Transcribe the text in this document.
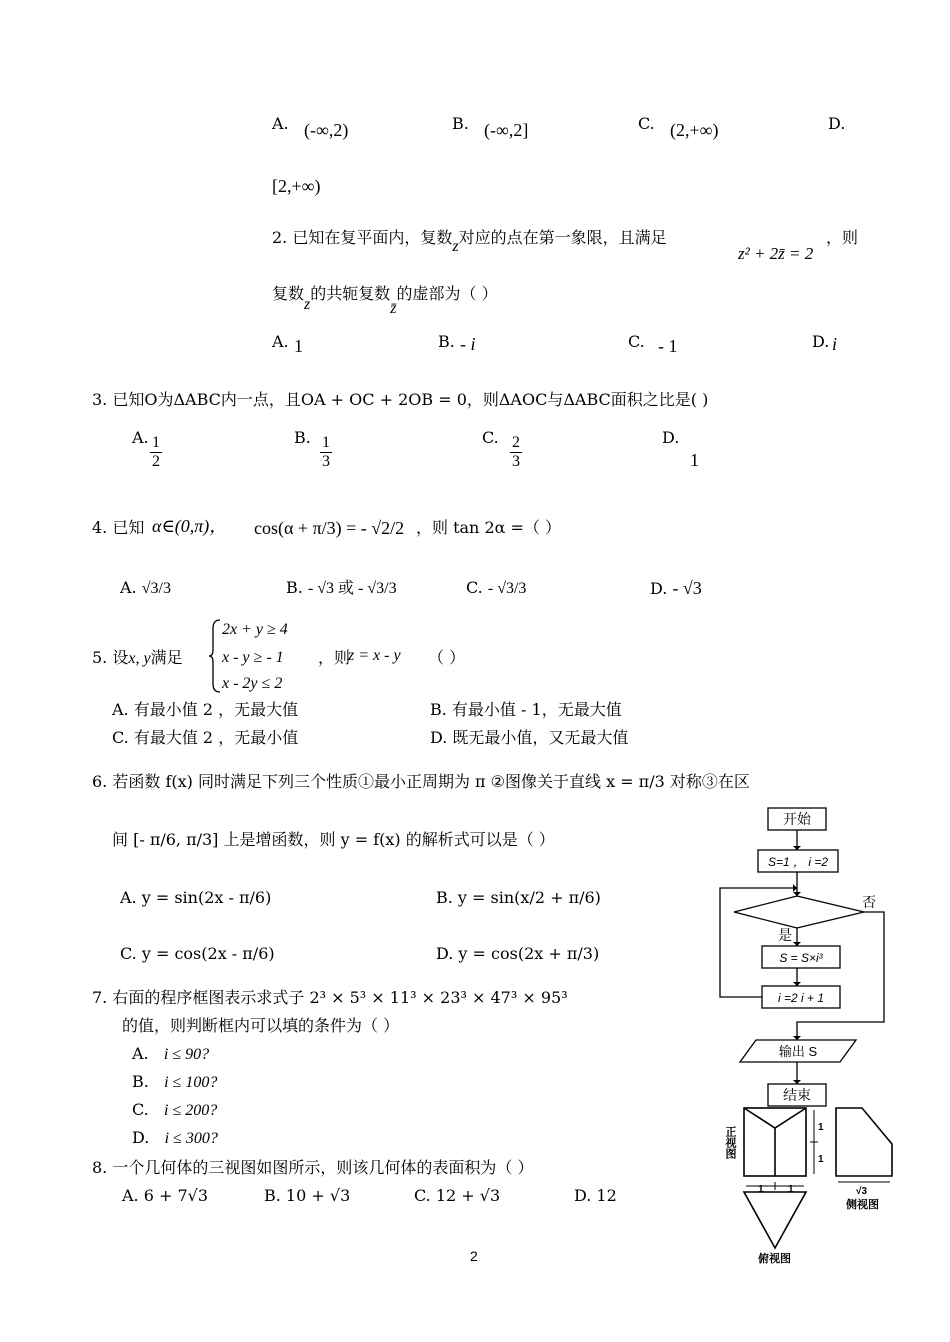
A. (-∞,2)	B. (-∞,2]	C. (2,+∞)	D.
[2,+∞)
2. 已知在复平面内，复数z对应的点在第一象限，且满足
z² + 2z̄ = 2
，则
复数z的共轭复数z̄的虚部为（ ）
A. 1	B. - i	C. - 1	D. i
3. 已知O为ΔABC内一点，且OA + OC + 2OB = 0，则ΔAOC与ΔABC面积之比是( )
A. $\frac{1}{2}$	B. $\frac{1}{3}$	C. $\frac{2}{3}$	D.
1
4. 已知 α∈(0,π)， cos(α + π/3) = - √2/2 ，则 tan 2α =（ ）
A. √3/3	B. - √3 或 - √3/3	C. - √3/3	D. - √3
5. 设x, y满足
2x + y ≥ 4
x - y ≥ - 1
x - 2y ≤ 2
，则
z = x - y （ ）
A. 有最小值 2 ，无最大值	B. 有最小值 - 1，无最大值
C. 有最大值 2 ，无最小值	D. 既无最小值，又无最大值
6. 若函数 f(x) 同时满足下列三个性质①最小正周期为 π ②图像关于直线 x = π/3 对称③在区
间 [- π/6, π/3] 上是增函数，则 y = f(x) 的解析式可以是（ ）
A. y = sin(2x - π/6)	B. y = sin(x/2 + π/6)
C. y = cos(2x - π/6)	D. y = cos(2x + π/3)
7. 右面的程序框图表示求式子 2³ × 5³ × 11³ × 23³ × 47³ × 95³
的值，则判断框内可以填的条件为（ ）
A. i ≤ 90?
B. i ≤ 100?
C. i ≤ 200?
D. i ≤ 300?
8. 一个几何体的三视图如图所示，则该几何体的表面积为（ ）
A. 6 + 7√3	B. 10 + √3	C. 12 + √3	D. 12
开始
S=1 ， i =2
否
是
S = S×i³
i =2 i + 1
输出 S
结束
正视图	1
1
1 1	√3
侧视图
俯视图
2
